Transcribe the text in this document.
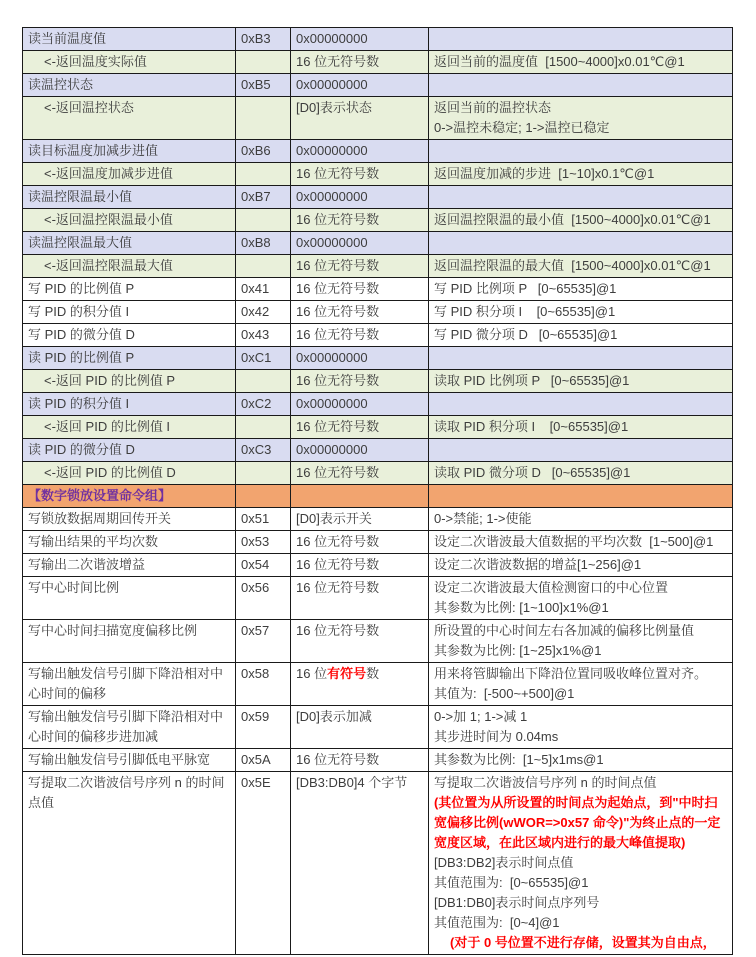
读当前温度值	0xB3	0x00000000	

<-返回温度实际值		16 位无符号数	返回当前的温度值  [1500~4000]x0.01℃@1
读温控状态	0xB5	0x00000000	

<-返回温控状态		[D0]表示状态	返回当前的温控状态
0->温控未稳定; 1->温控已稳定

读目标温度加减步进值	0xB6	0x00000000	

<-返回温度加减步进值		16 位无符号数	返回温度加减的步进  [1~10]x0.1℃@1
读温控限温最小值	0xB7	0x00000000	

<-返回温控限温最小值		16 位无符号数	返回温控限温的最小值  [1500~4000]x0.01℃@1
读温控限温最大值	0xB8	0x00000000	

<-返回温控限温最大值		16 位无符号数	返回温控限温的最大值  [1500~4000]x0.01℃@1
写 PID 的比例值 P	0x41	16 位无符号数	写 PID 比例项 P   [0~65535]@1
写 PID 的积分值 I	0x42	16 位无符号数	写 PID 积分项 I    [0~65535]@1
写 PID 的微分值 D	0x43	16 位无符号数	写 PID 微分项 D   [0~65535]@1
读 PID 的比例值 P	0xC1	0x00000000	

<-返回 PID 的比例值 P		16 位无符号数	读取 PID 比例项 P   [0~65535]@1
读 PID 的积分值 I	0xC2	0x00000000	

<-返回 PID 的比例值 I		16 位无符号数	读取 PID 积分项 I    [0~65535]@1
读 PID 的微分值 D	0xC3	0x00000000	

<-返回 PID 的比例值 D		16 位无符号数	读取 PID 微分项 D   [0~65535]@1

【数字锁放设置命令组】			

写锁放数据周期回传开关	0x51	[D0]表示开关	0->禁能; 1->使能
写输出结果的平均次数	0x53	16 位无符号数	设定二次谐波最大值数据的平均次数  [1~500]@1
写输出二次谐波增益	0x54	16 位无符号数	设定二次谐波数据的增益[1~256]@1
写中心时间比例	0x56	16 位无符号数	设定二次谐波最大值检测窗口的中心位置
其参数为比例: [1~100]x1%@1

写中心时间扫描宽度偏移比例	0x57	16 位无符号数	所设置的中心时间左右各加减的偏移比例量值
其参数为比例: [1~25]x1%@1

写输出触发信号引脚下降沿相对中心时间的偏移	0x58	16 位有符号数	用来将管脚输出下降沿位置同吸收峰位置对齐。
其值为:  [-500~+500]@1

写输出触发信号引脚下降沿相对中心时间的偏移步进加减	0x59	[D0]表示加减	0->加 1; 1->减 1
其步进时间为 0.04ms

写输出触发信号引脚低电平脉宽	0x5A	16 位无符号数	其参数为比例:  [1~5]x1ms@1
写提取二次谐波信号序列 n 的时间点值	0x5E	[DB3:DB0]4 个字节	写提取二次谐波信号序列 n 的时间点值
(其位置为从所设置的时间点为起始点，到"中时扫宽偏移比例(wWOR=>0x57 命令)"为终止点的一定宽度区域，在此区域内进行的最大峰值提取)
[DB3:DB2]表示时间点值
其值范围为:  [0~65535]@1
[DB1:DB0]表示时间点序列号
其值范围为:  [0~4]@1
(对于 0 号位置不进行存储，设置其为自由点，
